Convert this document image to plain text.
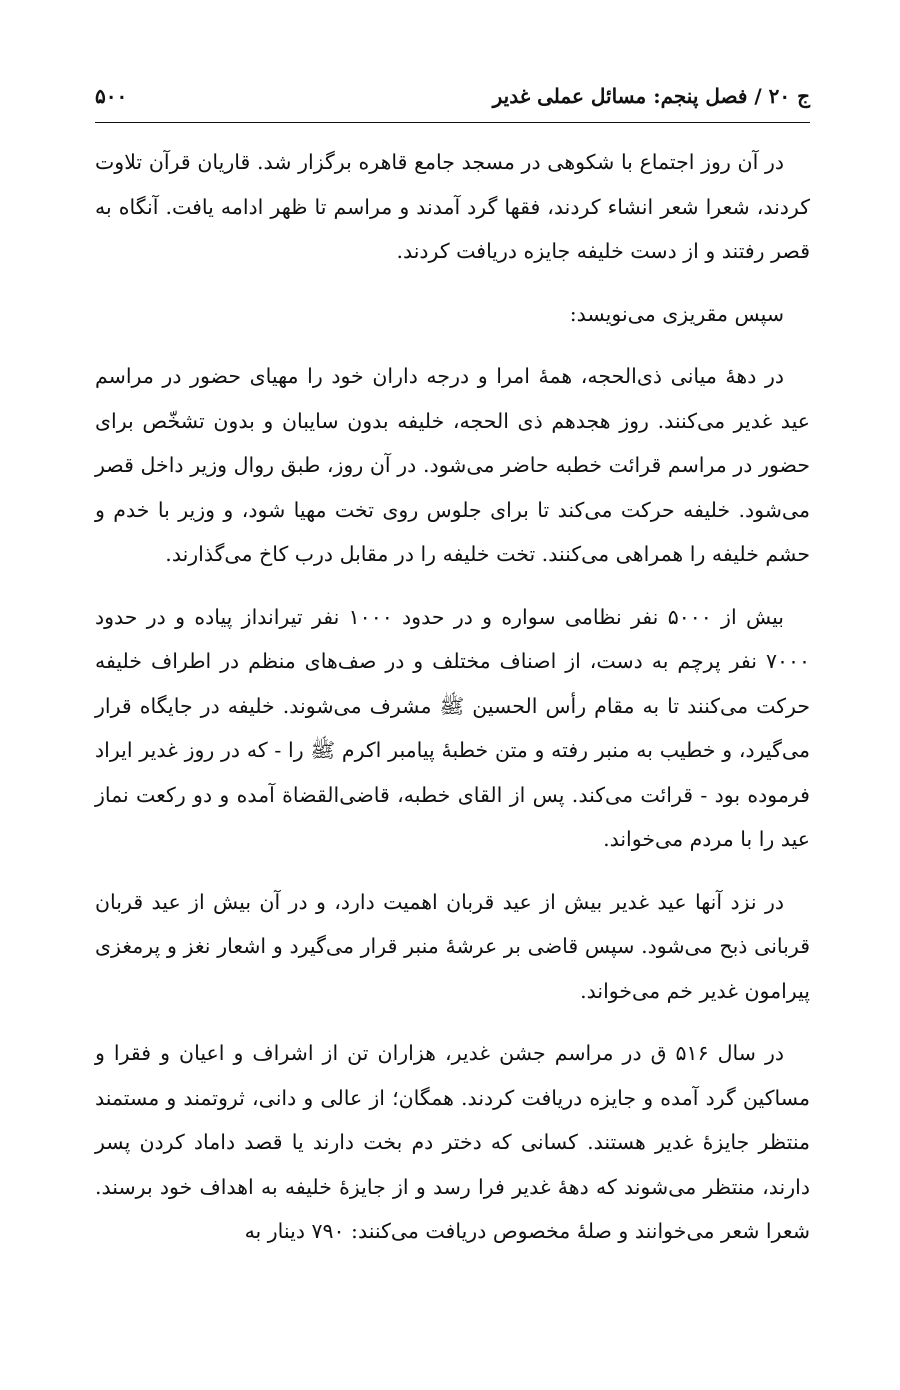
ج ۲۰ / فصل پنجم: مسائل عملی غدیر
۵۰۰

در آن روز اجتماع با شکوهی در مسجد جامع قاهره برگزار شد. قاریان قرآن تلاوت کردند، شعرا شعر انشاء کردند، فقها گرد آمدند و مراسم تا ظهر ادامه یافت. آنگاه به قصر رفتند و از دست خلیفه جایزه دریافت کردند.

سپس مقریزی می‌نویسد:

در دهۀ میانی ذی‌الحجه، همۀ امرا و درجه داران خود را مهیای حضور در مراسم عید غدیر می‌کنند. روز هجدهم ذی الحجه، خلیفه بدون سایبان و بدون تشخّص برای حضور در مراسم قرائت خطبه حاضر می‌شود. در آن روز، طبق روال وزیر داخل قصر می‌شود. خلیفه حرکت می‌کند تا برای جلوس روی تخت مهیا شود، و وزیر با خدم و حشم خلیفه را همراهی می‌کنند. تخت خلیفه را در مقابل درب کاخ می‌گذارند.

بیش از ۵۰۰۰ نفر نظامی سواره و در حدود ۱۰۰۰ نفر تیرانداز پیاده و در حدود ۷۰۰۰ نفر پرچم به دست، از اصناف مختلف و در صف‌های منظم در اطراف خلیفه حرکت می‌کنند تا به مقام رأس الحسین ﷺ مشرف می‌شوند. خلیفه در جایگاه قرار می‌گیرد، و خطیب به منبر رفته و متن خطبۀ پیامبر اکرم ﷺ را - که در روز غدیر ایراد فرموده بود - قرائت می‌کند. پس از القای خطبه، قاضی‌القضاة آمده و دو رکعت نماز عید را با مردم می‌خواند.

در نزد آنها عید غدیر بیش از عید قربان اهمیت دارد، و در آن بیش از عید قربان قربانی ذبح می‌شود. سپس قاضی بر عرشۀ منبر قرار می‌گیرد و اشعار نغز و پرمغزی پیرامون غدیر خم می‌خواند.

در سال ۵۱۶ ق در مراسم جشن غدیر، هزاران تن از اشراف و اعیان و فقرا و مساکین گرد آمده و جایزه دریافت کردند. همگان؛ از عالی و دانی، ثروتمند و مستمند منتظر جایزۀ غدیر هستند. کسانی که دختر دم بخت دارند یا قصد داماد کردن پسر دارند، منتظر می‌شوند که دهۀ غدیر فرا رسد و از جایزۀ خلیفه به اهداف خود برسند. شعرا شعر می‌خوانند و صلۀ مخصوص دریافت می‌کنند: ۷۹۰ دینار به
